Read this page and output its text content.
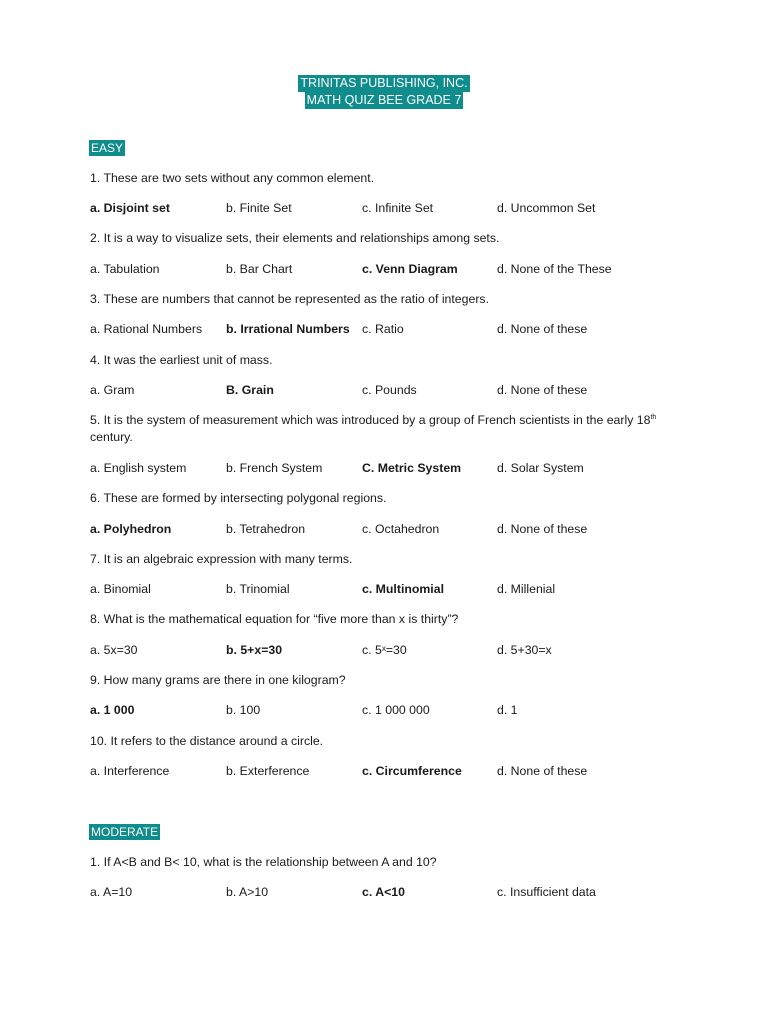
TRINITAS PUBLISHING, INC.
MATH QUIZ BEE GRADE 7
EASY
1. These are two sets without any common element.
a. Disjoint set	b. Finite Set	c. Infinite Set	d. Uncommon Set
2. It is a way to visualize sets, their elements and relationships among sets.
a. Tabulation	b. Bar Chart	c. Venn Diagram	d. None of the These
3. These are numbers that cannot be represented as the ratio of integers.
a. Rational Numbers b. Irrational Numbers c. Ratio	d. None of these
4. It was the earliest unit of mass.
a. Gram	B. Grain	c. Pounds	d. None of these
5. It is the system of measurement which was introduced by a group of French scientists in the early 18th
century.
a. English system	b. French System	C. Metric System	d. Solar System
6. These are formed by intersecting polygonal regions.
a. Polyhedron	b. Tetrahedron	c. Octahedron	d. None of these
7. It is an algebraic expression with many terms.
a. Binomial	b. Trinomial	c. Multinomial	d. Millenial
8. What is the mathematical equation for “five more than x is thirty”?
a. 5x=30	b. 5+x=30	c. 5ˣ=30	d. 5+30=x
9. How many grams are there in one kilogram?
a. 1 000	b. 100	c. 1 000 000	d. 1
10. It refers to the distance around a circle.
a. Interference	b. Exterference	c. Circumference	d. None of these
MODERATE
1. If A<B and B< 10, what is the relationship between A and 10?
a. A=10	b. A>10	c. A<10	c. Insufficient data
